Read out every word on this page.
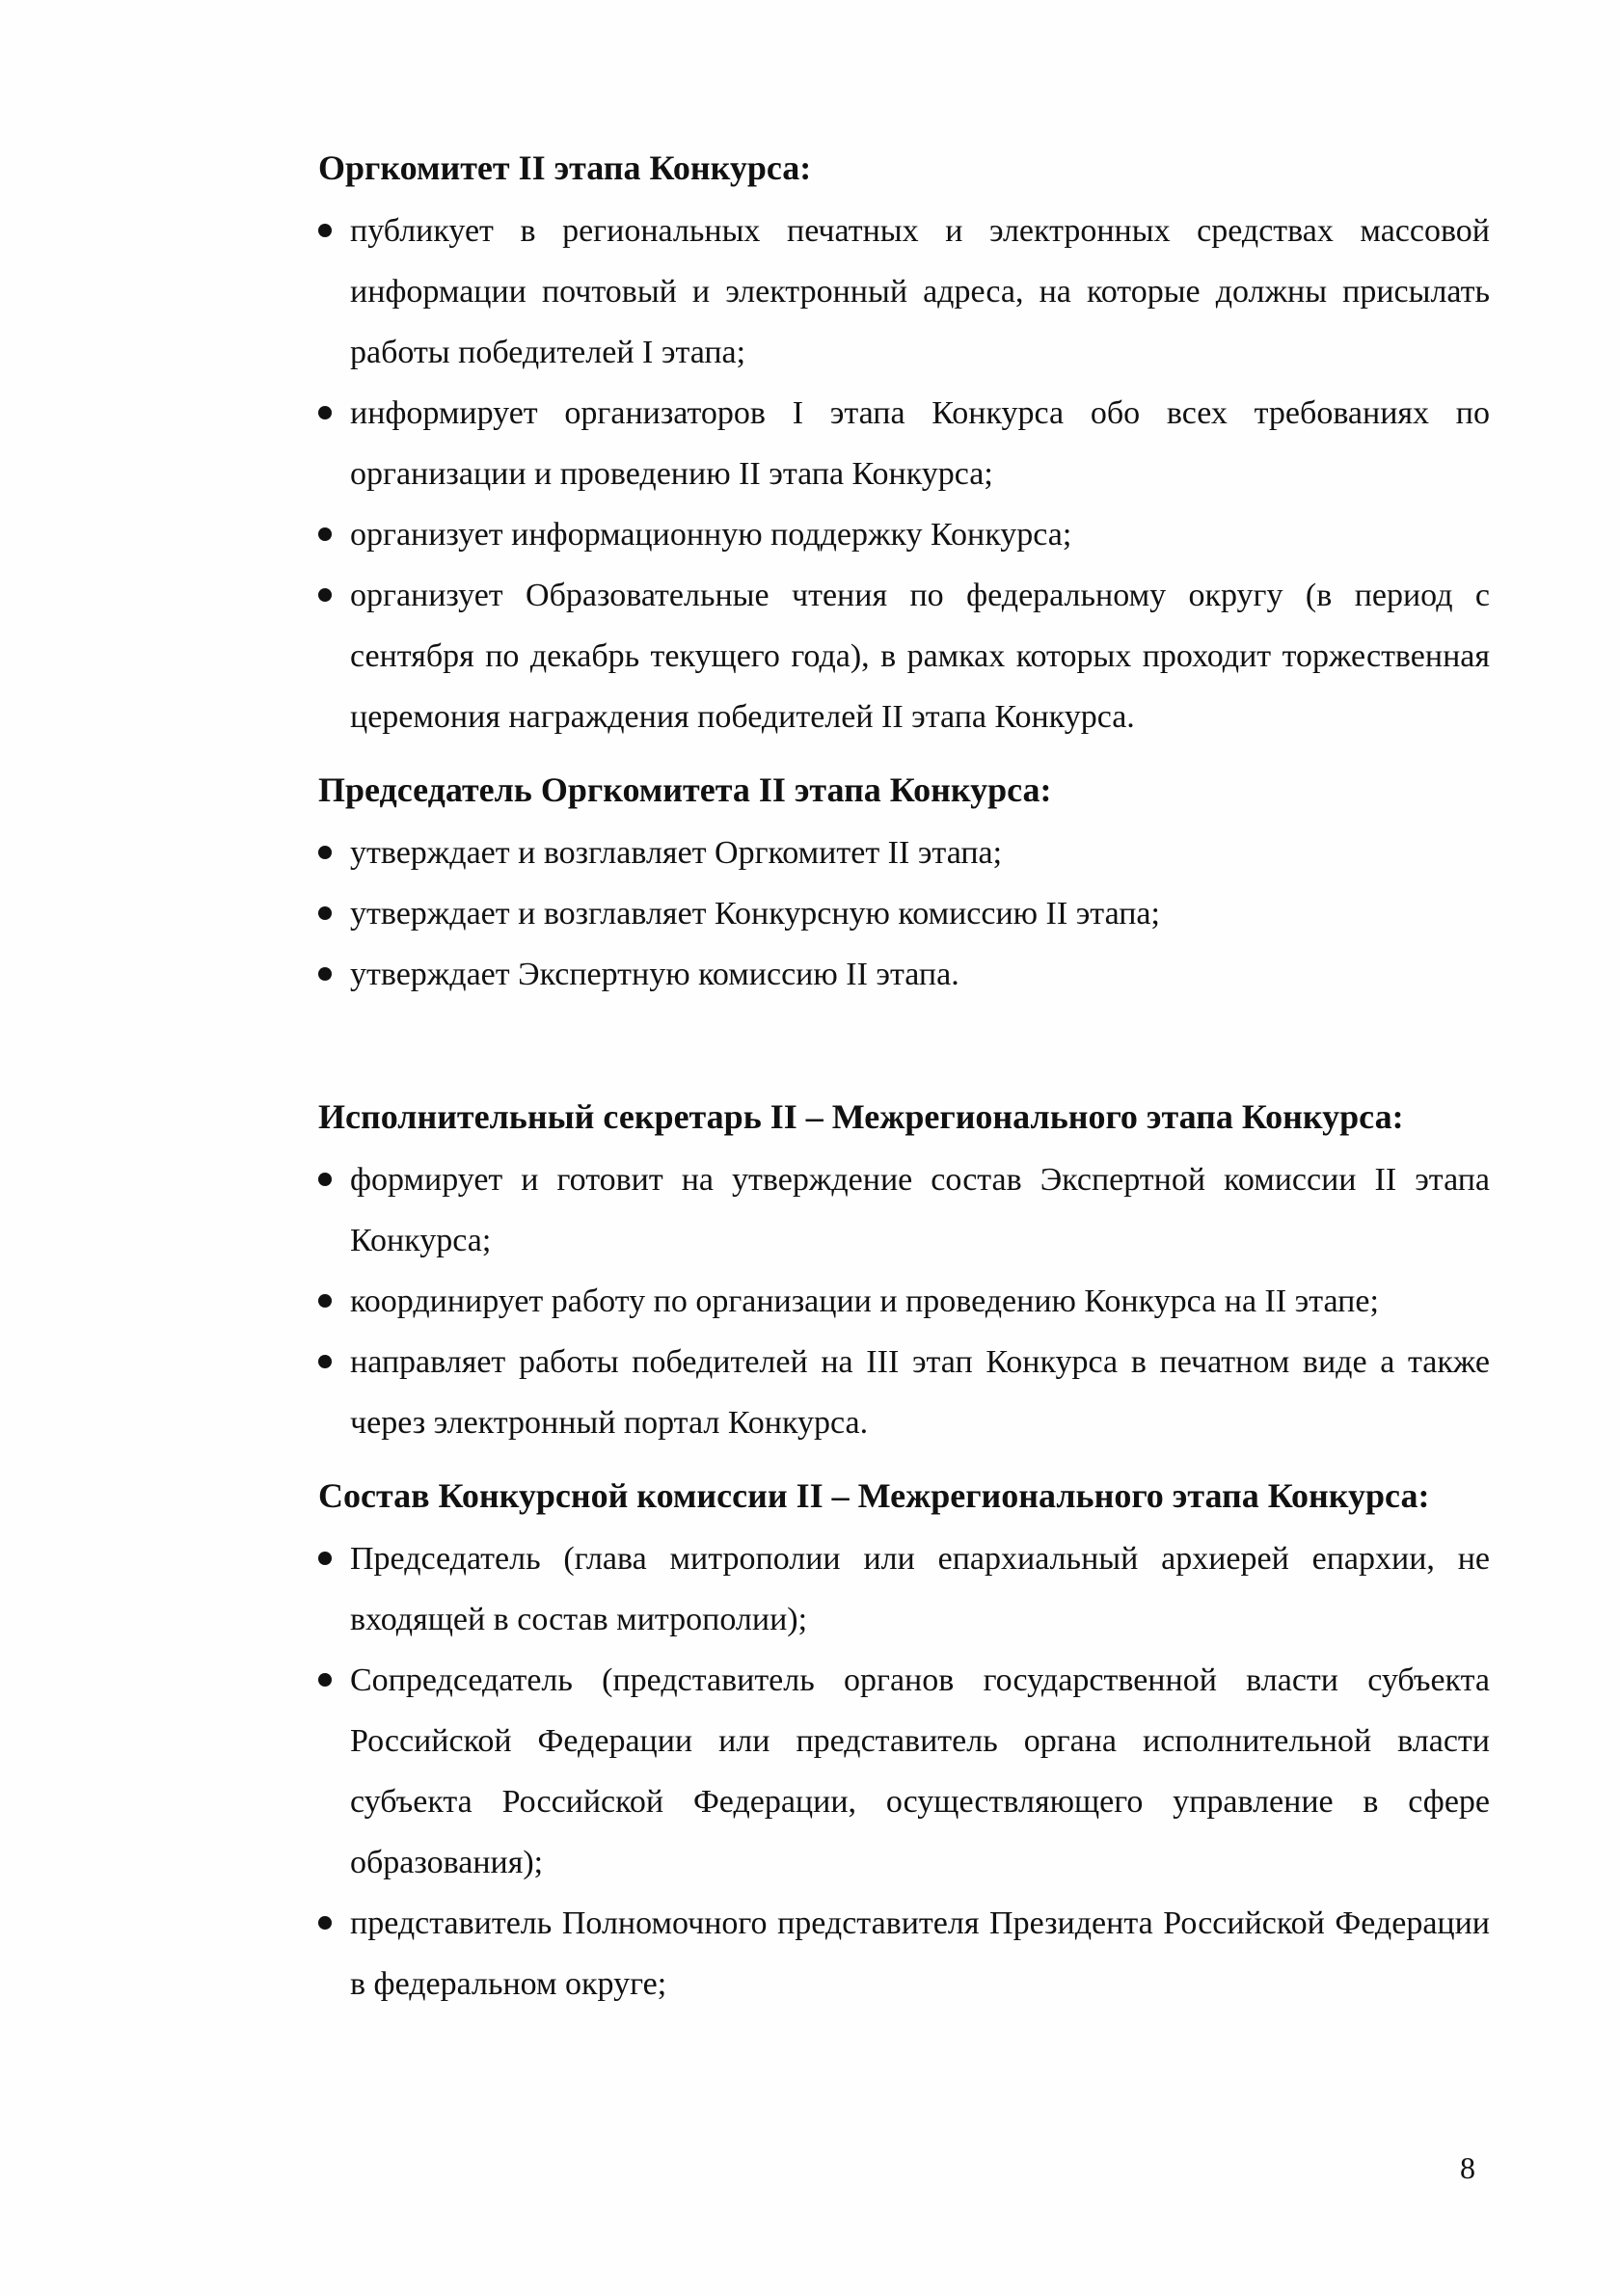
Оргкомитет II этапа Конкурса:
публикует в региональных печатных и электронных средствах массовой информации почтовый и электронный адреса, на которые должны присылать работы победителей I этапа;
информирует организаторов I этапа Конкурса обо всех требованиях по организации и проведению II этапа Конкурса;
организует информационную поддержку Конкурса;
организует Образовательные чтения по федеральному округу (в период с сентября по декабрь текущего года), в рамках которых проходит торжественная церемония награждения победителей II этапа Конкурса.
Председатель Оргкомитета II этапа Конкурса:
утверждает и возглавляет Оргкомитет II этапа;
утверждает и возглавляет Конкурсную комиссию II этапа;
утверждает Экспертную комиссию II этапа.
Исполнительный секретарь II – Межрегионального этапа Конкурса:
формирует и готовит на утверждение состав Экспертной комиссии II этапа Конкурса;
координирует работу по организации и проведению Конкурса на II этапе;
направляет работы победителей на III этап Конкурса в печатном виде а также через электронный портал Конкурса.
Состав Конкурсной комиссии II – Межрегионального этапа Конкурса:
Председатель (глава митрополии или епархиальный архиерей епархии, не входящей в состав митрополии);
Сопредседатель (представитель органов государственной власти субъекта Российской Федерации или представитель органа исполнительной власти субъекта Российской Федерации, осуществляющего управление в сфере образования);
представитель Полномочного представителя Президента Российской Федерации в федеральном округе;
8
